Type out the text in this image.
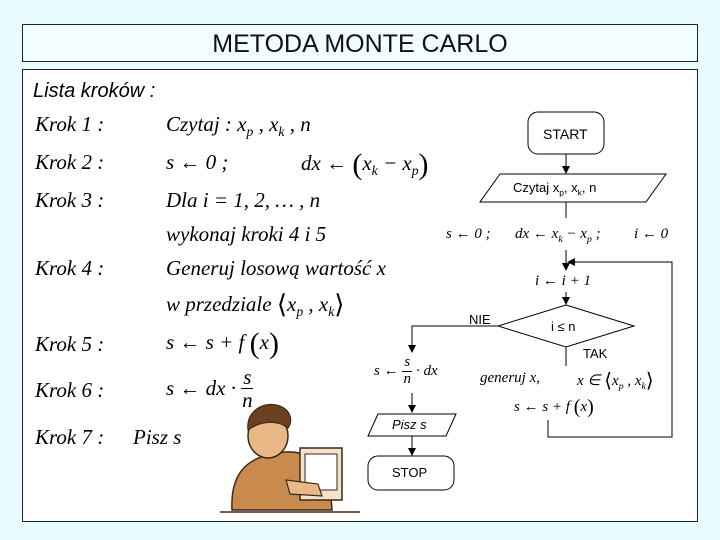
METODA MONTE CARLO
Lista kroków :
Krok 1 :	Czytaj : $x_p$ , $x_k$ , n
Krok 2 :	s ← 0 ;	dx ← $(x_k - x_p)$
Krok 3 :	Dla i = 1, 2, … , n
wykonaj kroki 4 i 5
Krok 4 :	Generuj losową wartość x
w przedziale $⟨x_p$ , $x_k⟩$
Krok 5 :	s ← s + f (x)
Krok 6 :	s ← dx · $\frac{s}{n}$
Krok 7 : Pisz s
START
Czytaj $x_p$, $x_k$, n
s ← 0 ; dx ← $x_k - x_p$ ; i ← 0
i ← i + 1
i ≤ n
NIE
TAK
generuj x, x ∈ $⟨x_p$ , $x_k⟩$
s ← s + f (x)
s ← $\frac{s}{n}$ · dx
Pisz s
STOP
